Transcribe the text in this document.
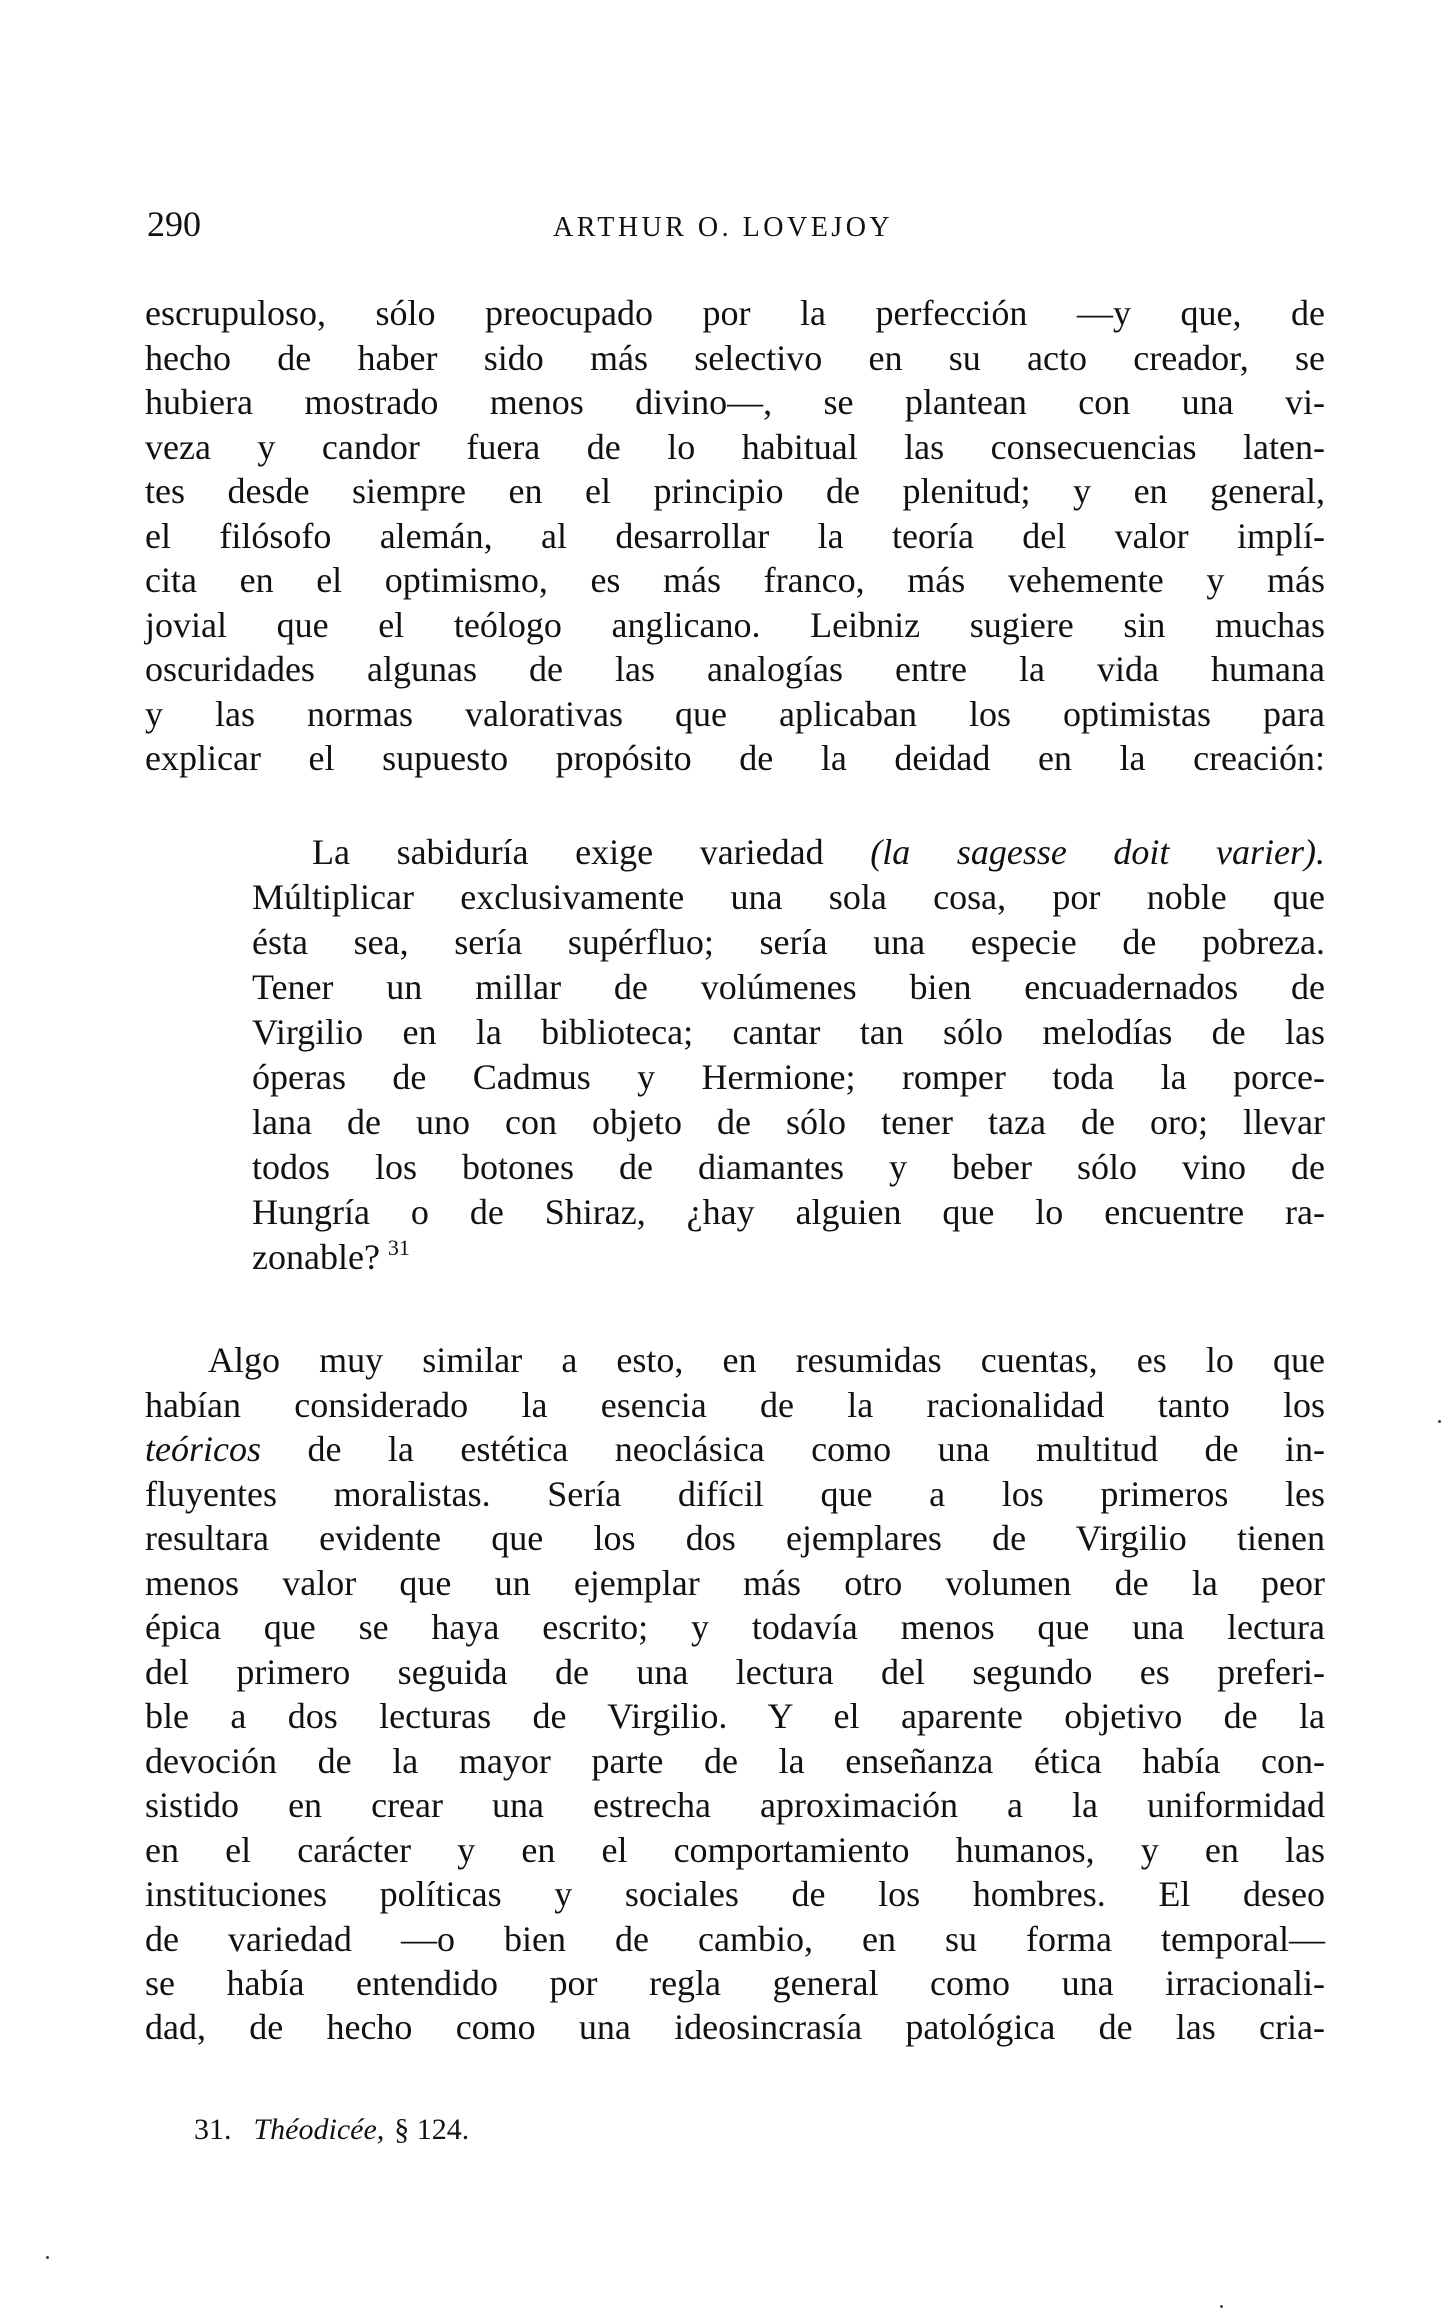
290	ARTHUR O. LOVEJOY
escrupuloso, sólo preocupado por la perfección —y que, de
hecho de haber sido más selectivo en su acto creador, se
hubiera mostrado menos divino—, se plantean con una vi-
veza y candor fuera de lo habitual las consecuencias laten-
tes desde siempre en el principio de plenitud; y en general,
el filósofo alemán, al desarrollar la teoría del valor implí-
cita en el optimismo, es más franco, más vehemente y más
jovial que el teólogo anglicano. Leibniz sugiere sin muchas
oscuridades algunas de las analogías entre la vida humana
y las normas valorativas que aplicaban los optimistas para
explicar el supuesto propósito de la deidad en la creación:
La sabiduría exige variedad (la sagesse doit varier).
Múltiplicar exclusivamente una sola cosa, por noble que
ésta sea, sería supérfluo; sería una especie de pobreza.
Tener un millar de volúmenes bien encuadernados de
Virgilio en la biblioteca; cantar tan sólo melodías de las
óperas de Cadmus y Hermione; romper toda la porce-
lana de uno con objeto de sólo tener taza de oro; llevar
todos los botones de diamantes y beber sólo vino de
Hungría o de Shiraz, ¿hay alguien que lo encuentre ra-
zonable? $^{31}$
Algo muy similar a esto, en resumidas cuentas, es lo que
habían considerado la esencia de la racionalidad tanto los
teóricos de la estética neoclásica como una multitud de in-
fluyentes moralistas. Sería difícil que a los primeros les
resultara evidente que los dos ejemplares de Virgilio tienen
menos valor que un ejemplar más otro volumen de la peor
épica que se haya escrito; y todavía menos que una lectura
del primero seguida de una lectura del segundo es preferi-
ble a dos lecturas de Virgilio. Y el aparente objetivo de la
devoción de la mayor parte de la enseñanza ética había con-
sistido en crear una estrecha aproximación a la uniformidad
en el carácter y en el comportamiento humanos, y en las
instituciones políticas y sociales de los hombres. El deseo
de variedad —o bien de cambio, en su forma temporal—
se había entendido por regla general como una irracionali-
dad, de hecho como una ideosincrasía patológica de las cria-
31. Théodicée, § 124.
